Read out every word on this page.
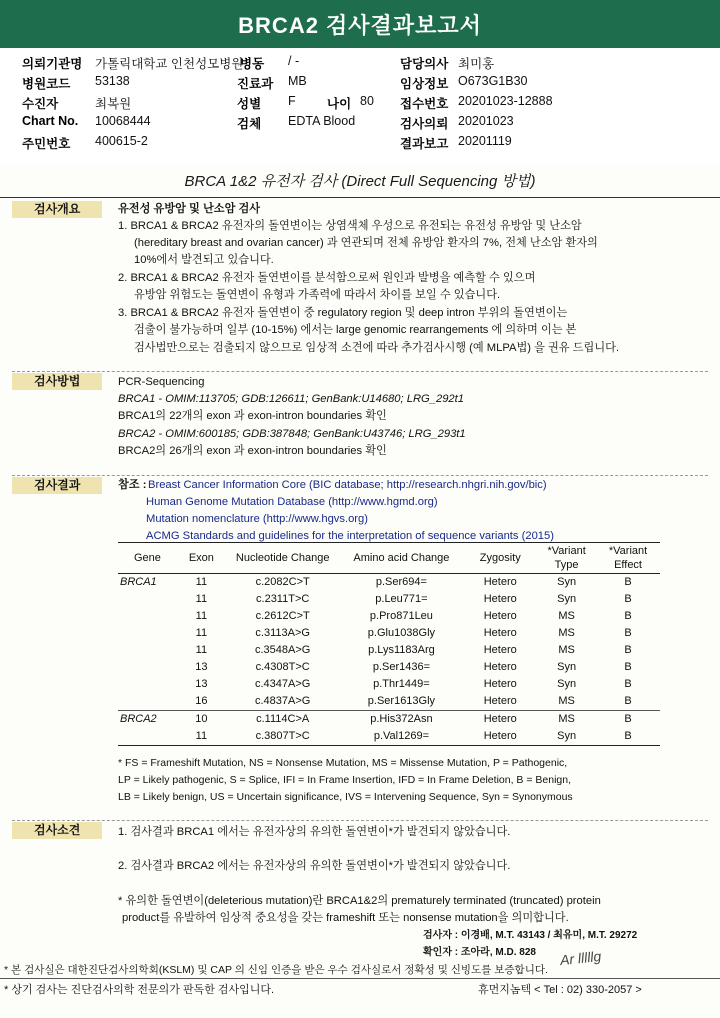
BRCA2 검사결과보고서
의뢰기관명 가톨릭대학교 인천성모병원
병동 / -	담당의사 최미홍
병원코드 53138	진료과 MB	임상정보 O673G1B30
수진자	최복원	성별 F	나이 80 접수번호 20201023-12888
Chart No. 10068444	검체 EDTA Blood	검사의뢰 20201023
주민번호 400615-2	결과보고 20201119
BRCA 1&2 유전자 검사 (Direct Full Sequencing 방법)
검사개요	유전성 유방암 및 난소암 검사
1. BRCA1 & BRCA2 유전자의 돌연변이는 상염색체 우성으로 유전되는 유전성 유방암 및 난소암
(hereditary breast and ovarian cancer) 과 연관되며 전체 유방암 환자의 7%, 전체 난소암 환자의
10%에서 발견되고 있습니다.
2. BRCA1 & BRCA2 유전자 돌연변이를 분석함으로써 원인과 발병을 예측할 수 있으며
유방암 위험도는 돌연변이 유형과 가족력에 따라서 차이를 보일 수 있습니다.
3. BRCA1 & BRCA2 유전자 돌연변이 중 regulatory region 및 deep intron 부위의 돌연변이는
검출이 불가능하며 일부 (10-15%) 에서는 large genomic rearrangements 에 의하며 이는 본
검사법만으로는 검출되지 않으므로 임상적 소견에 따라 추가검사시행 (예 MLPA법) 을 권유 드립니다.
검사방법	PCR-Sequencing
BRCA1 - OMIM:113705; GDB:126611; GenBank:U14680; LRG_292t1
BRCA1의 22개의 exon 과 exon-intron boundaries 확인
BRCA2 - OMIM:600185; GDB:387848; GenBank:U43746; LRG_293t1
BRCA2의 26개의 exon 과 exon-intron boundaries 확인
검사결과	참조 : Breast Cancer Information Core (BIC database; http://research.nhgri.nih.gov/bic)
Human Genome Mutation Database (http://www.hgmd.org)
Mutation nomenclature (http://www.hgvs.org)
ACMG Standards and guidelines for the interpretation of sequence variants (2015)
Gene	Exon	Nucleotide Change	Amino acid Change	Zygosity	*Variant Type	*Variant Effect
BRCA1	11	c.2082C>T	p.Ser694=	Hetero	Syn	B
	11	c.2311T>C	p.Leu771=	Hetero	Syn	B
	11	c.2612C>T	p.Pro871Leu	Hetero	MS	B
	11	c.3113A>G	p.Glu1038Gly	Hetero	MS	B
	11	c.3548A>G	p.Lys1183Arg	Hetero	MS	B
	13	c.4308T>C	p.Ser1436=	Hetero	Syn	B
	13	c.4347A>G	p.Thr1449=	Hetero	Syn	B
	16	c.4837A>G	p.Ser1613Gly	Hetero	MS	B
BRCA2	10	c.1114C>A	p.His372Asn	Hetero	MS	B
	11	c.3807T>C	p.Val1269=	Hetero	Syn	B
* FS = Frameshift Mutation, NS = Nonsense Mutation, MS = Missense Mutation, P = Pathogenic,
LP = Likely pathogenic, S = Splice, IFI = In Frame Insertion, IFD = In Frame Deletion, B = Benign,
LB = Likely benign, US = Uncertain significance, IVS = Intervening Sequence, Syn = Synonymous
검사소견	1. 검사결과 BRCA1 에서는 유전자상의 유의한 돌연변이*가 발견되지 않았습니다.
2. 검사결과 BRCA2 에서는 유전자상의 유의한 돌연변이*가 발견되지 않았습니다.
* 유의한 돌연변이(deleterious mutation)란 BRCA1&2의 prematurely terminated (truncated) protein
product를 유발하여 임상적 중요성을 갖는 frameshift 또는 nonsense mutation을 의미합니다.
검사자 : 이경배, M.T. 43143 / 최유미, M.T. 29272
확인자 : 조아라, M.D. 828 Ar lllllg
* 본 검사실은 대한진단검사의학회(KSLM) 및 CAP 의 신임 인증을 받은 우수 검사실로서 정확성 및 신빙도를 보증합니다.
* 상기 검사는 진단검사의학 전문의가 판독한 검사입니다.	휴먼지놈텍 < Tel : 02) 330-2057 >
